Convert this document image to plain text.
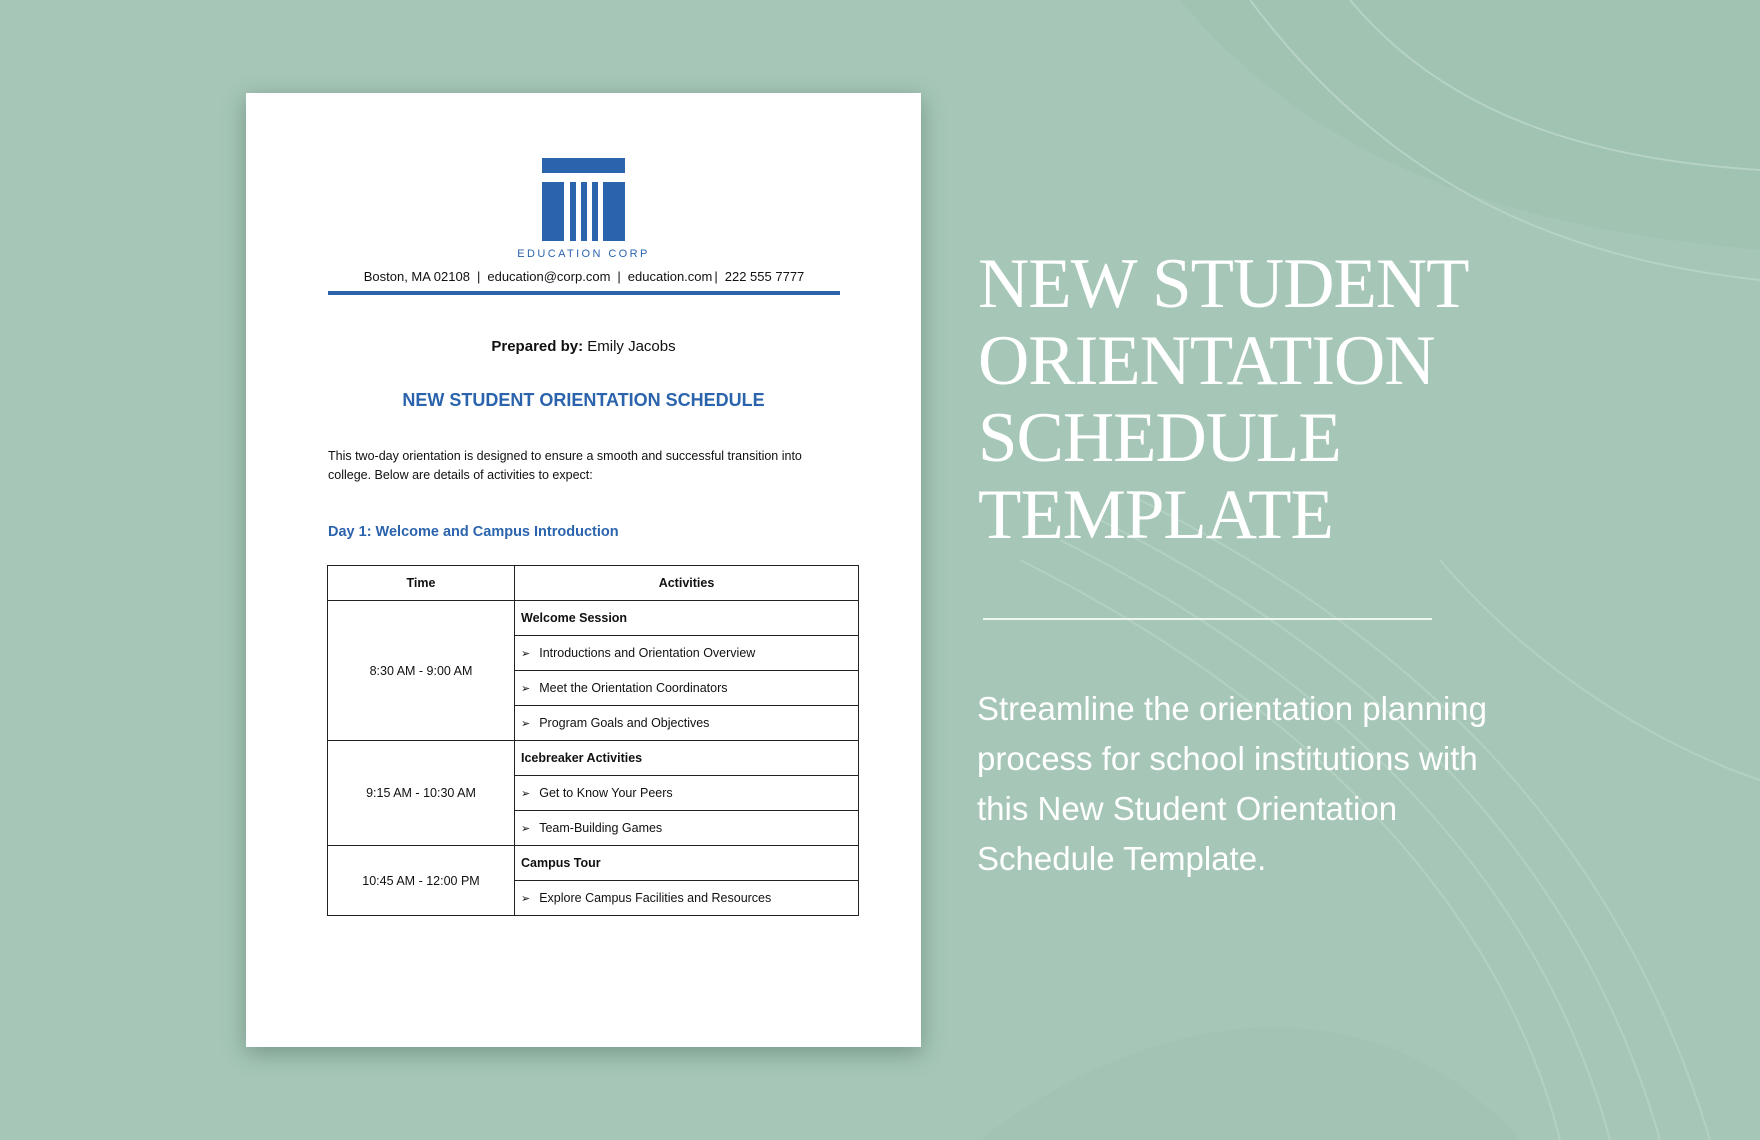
EDUCATION CORP
Boston, MA 02108 | education@corp.com | education.com | 222 555 7777
Prepared by: Emily Jacobs
NEW STUDENT ORIENTATION SCHEDULE
This two-day orientation is designed to ensure a smooth and successful transition into college. Below are details of activities to expect:
Day 1: Welcome and Campus Introduction
Time	Activities
8:30 AM - 9:00 AM	Welcome Session
	➢ Introductions and Orientation Overview
	➢ Meet the Orientation Coordinators
	➢ Program Goals and Objectives
9:15 AM - 10:30 AM	Icebreaker Activities
	➢ Get to Know Your Peers
	➢ Team-Building Games
10:45 AM - 12:00 PM	Campus Tour
	➢ Explore Campus Facilities and Resources
NEW STUDENT
ORIENTATION
SCHEDULE
TEMPLATE
Streamline the orientation planning process for school institutions with this New Student Orientation Schedule Template.
